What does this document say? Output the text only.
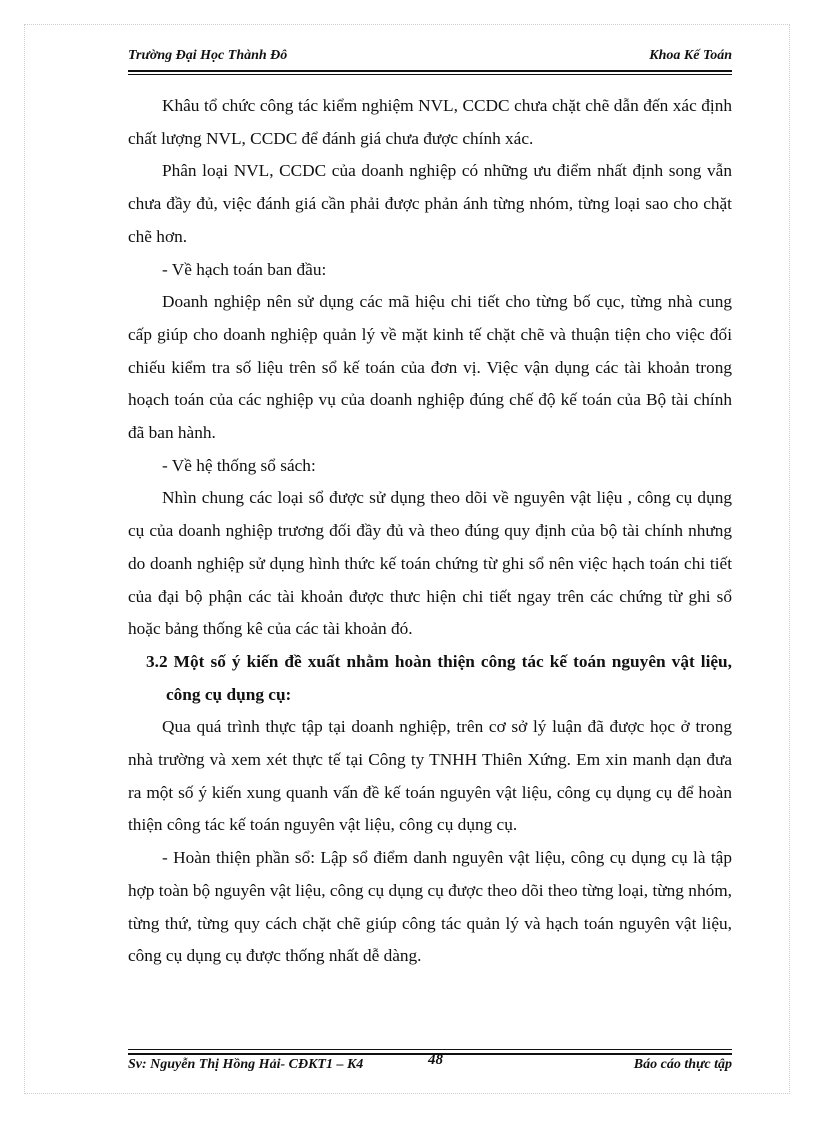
Trường Đại Học Thành Đô	Khoa Kế Toán

Khâu tổ chức công tác kiểm nghiệm NVL, CCDC chưa chặt chẽ dẫn đến xác định chất lượng NVL, CCDC để đánh giá chưa được chính xác.

Phân loại NVL, CCDC của doanh nghiệp có những ưu điểm nhất định song vẫn chưa đầy đủ, việc đánh giá cần phải được phản ánh từng nhóm, từng loại sao cho chặt chẽ hơn.

- Về hạch toán ban đầu:

Doanh nghiệp nên sử dụng các mã hiệu chi tiết cho từng bố cục, từng nhà cung cấp giúp cho doanh nghiệp quản lý về mặt kinh tế chặt chẽ và thuận tiện cho việc đối chiếu kiểm tra số liệu trên sổ kế toán của đơn vị. Việc vận dụng các tài khoản trong hoạch toán của các nghiệp vụ của doanh nghiệp đúng chế độ kế toán của Bộ tài chính đã ban hành.

- Về hệ thống sổ sách:

Nhìn chung các loại sổ được sử dụng theo dõi về nguyên vật liệu , công cụ dụng cụ của doanh nghiệp trương đối đầy đủ và theo đúng quy định của bộ tài chính nhưng do doanh nghiệp sử dụng hình thức kế toán chứng từ ghi sổ nên việc hạch toán chi tiết của đại bộ phận các tài khoản được thưc hiện chi tiết ngay trên các chứng từ ghi sổ hoặc bảng thống kê của các tài khoản đó.

3.2 Một số ý kiến đề xuất nhằm hoàn thiện công tác kế toán nguyên vật liệu, công cụ dụng cụ:

Qua quá trình thực tập tại doanh nghiệp, trên cơ sở lý luận đã được học ở trong nhà trường và xem xét thực tế tại Công ty TNHH Thiên Xứng. Em xin manh dạn đưa ra một số ý kiến xung quanh vấn đề kế toán nguyên vật liệu, công cụ dụng cụ để hoàn thiện công tác kế toán nguyên vật liệu, công cụ dụng cụ.

- Hoàn thiện phần sổ: Lập sổ điểm danh nguyên vật liệu, công cụ dụng cụ là tập hợp toàn bộ nguyên vật liệu, công cụ dụng cụ được theo dõi theo từng loại, từng nhóm, từng thứ, từng quy cách chặt chẽ giúp công tác quản lý và hạch toán nguyên vật liệu, công cụ dụng cụ được thống nhất dễ dàng.

Sv: Nguyễn Thị Hồng Hải- CĐKT1 – K4	Báo cáo thực tập
48
